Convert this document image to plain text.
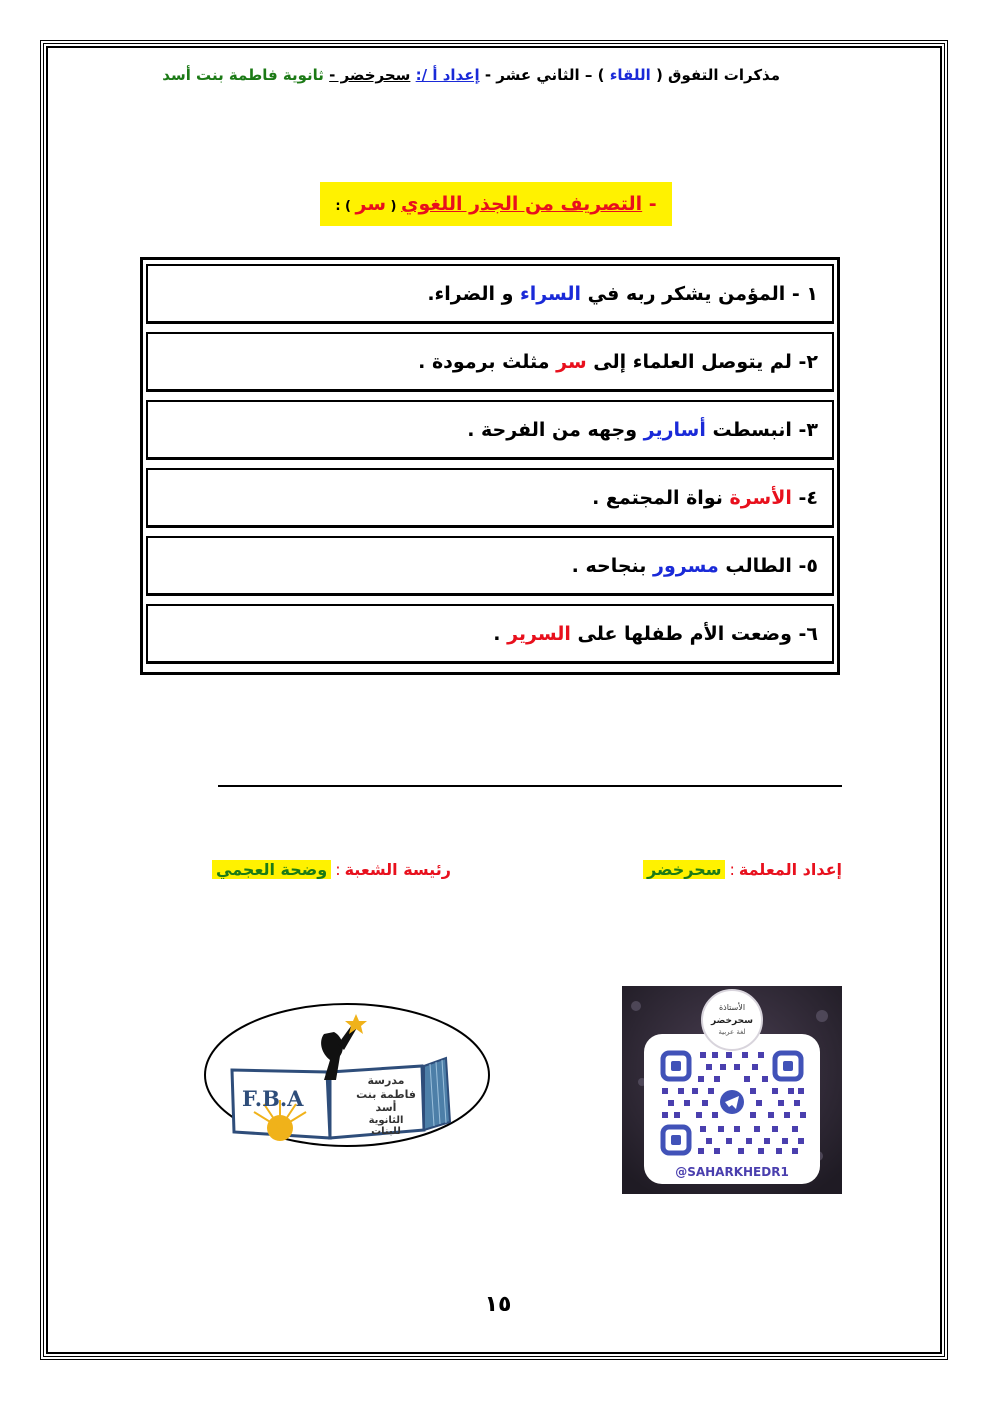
مذكرات التفوق ( اللقاء ) – الثاني عشر - إعداد أ /: سحرخضر - ثانوية فاطمة بنت أسد
- التصريف من الجذر اللغوي ( سر ) :
١ - المؤمن يشكر ربه في السراء و الضراء.
٢- لم يتوصل العلماء إلى سر مثلث برمودة .
٣- انبسطت أسارير وجهه من الفرحة .
٤- الأسرة نواة المجتمع .
٥- الطالب مسرور بنجاحه .
٦- وضعت الأم طفلها على السرير .
إعداد المعلمة:سحرخضر
رئيسة الشعبة:وضحة العجمي
F.B.A
مدرسة
فاطمة بنت
أسد
الثانوية
للبنات
الأستاذة
سحرخضر
لغة عربية
@SAHARKHEDR1
١٥
